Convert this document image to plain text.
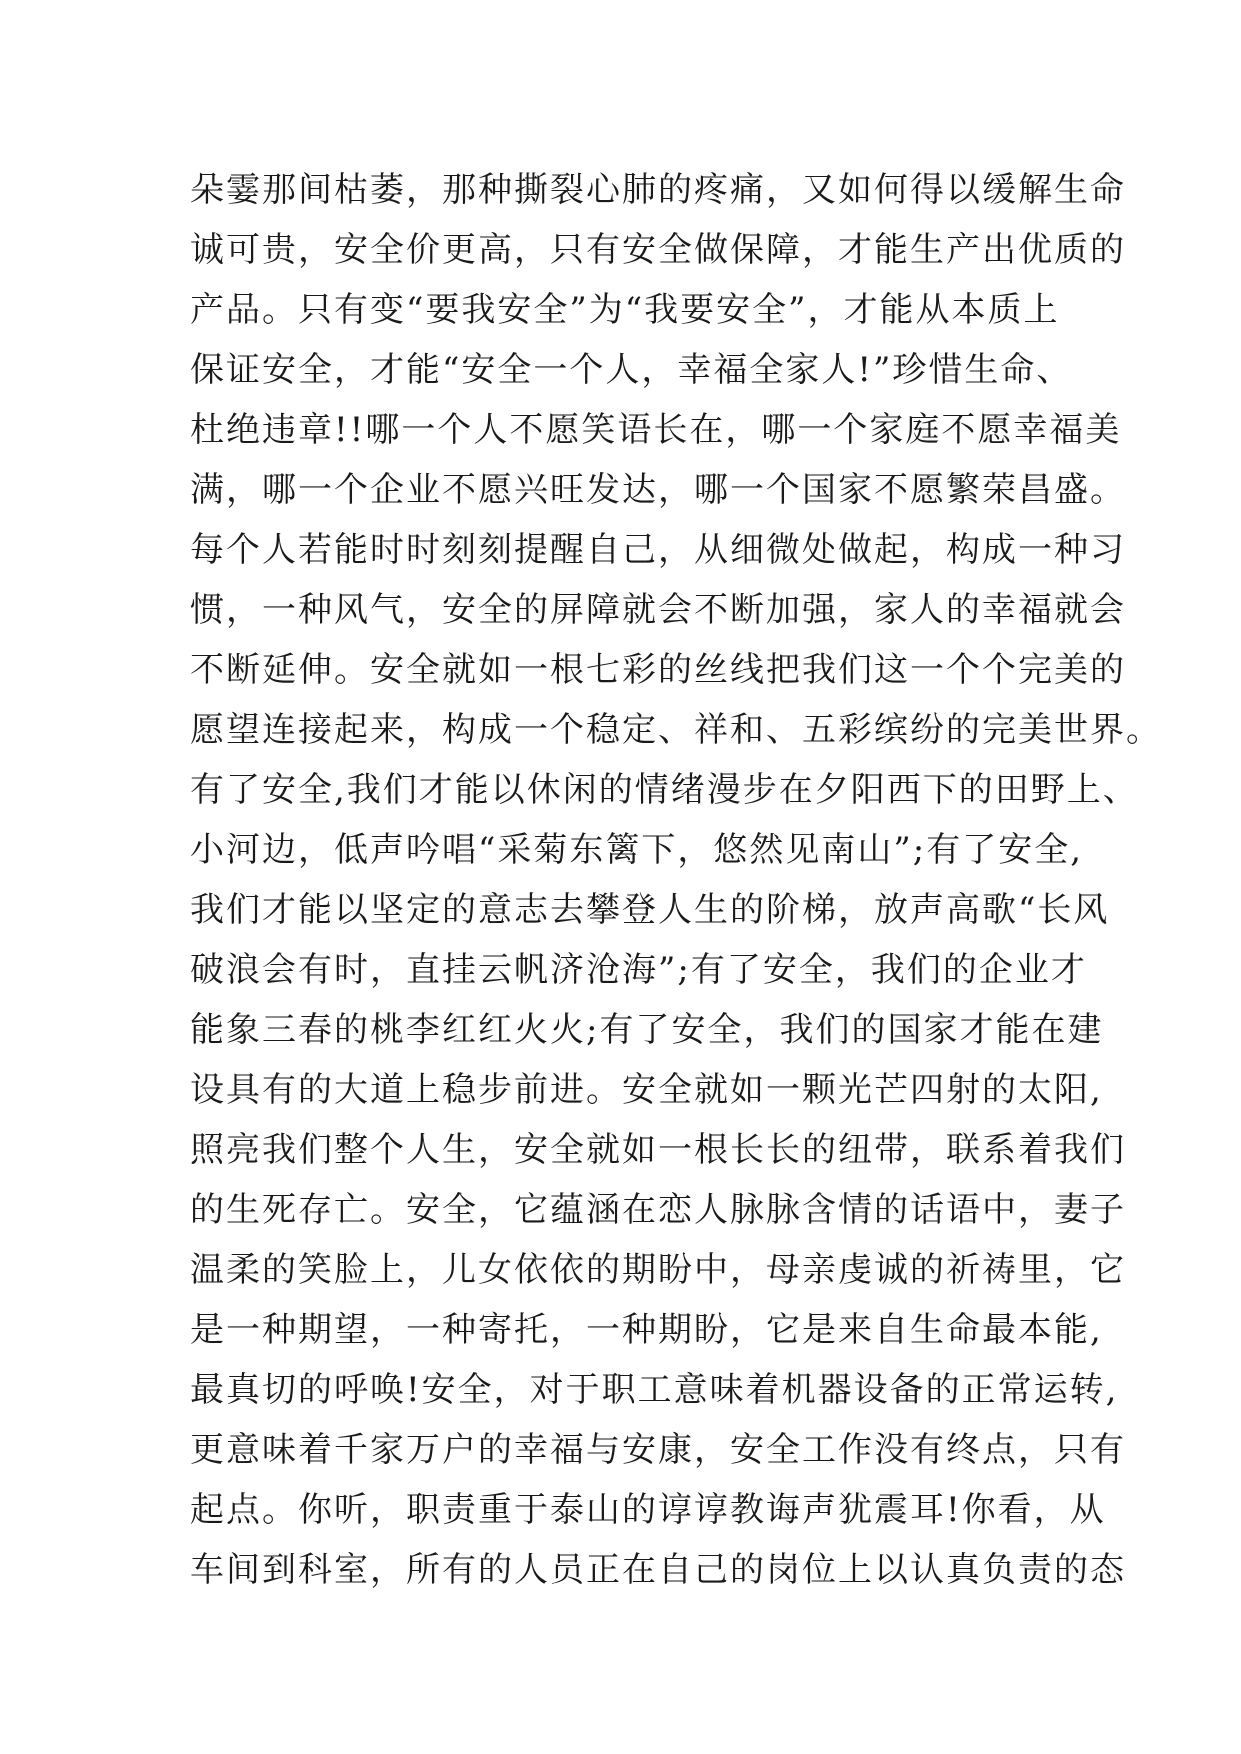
朵霎那间枯萎，那种撕裂心肺的疼痛，又如何得以缓解生命
诚可贵，安全价更高，只有安全做保障，才能生产出优质的
产品。只有变“要我安全”为“我要安全”，才能从本质上
保证安全，才能“安全一个人，幸福全家人!”珍惜生命、
杜绝违章!!哪一个人不愿笑语长在，哪一个家庭不愿幸福美
满，哪一个企业不愿兴旺发达，哪一个国家不愿繁荣昌盛。
每个人若能时时刻刻提醒自己，从细微处做起，构成一种习
惯，一种风气，安全的屏障就会不断加强，家人的幸福就会
不断延伸。安全就如一根七彩的丝线把我们这一个个完美的
愿望连接起来，构成一个稳定、祥和、五彩缤纷的完美世界。
有了安全,我们才能以休闲的情绪漫步在夕阳西下的田野上、
小河边，低声吟唱“采菊东篱下，悠然见南山”;有了安全,
我们才能以坚定的意志去攀登人生的阶梯，放声高歌“长风
破浪会有时，直挂云帆济沧海”;有了安全，我们的企业才
能象三春的桃李红红火火;有了安全，我们的国家才能在建
设具有的大道上稳步前进。安全就如一颗光芒四射的太阳,
照亮我们整个人生，安全就如一根长长的纽带，联系着我们
的生死存亡。安全，它蕴涵在恋人脉脉含情的话语中，妻子
温柔的笑脸上，儿女依依的期盼中，母亲虔诚的祈祷里，它
是一种期望，一种寄托，一种期盼，它是来自生命最本能,
最真切的呼唤!安全，对于职工意味着机器设备的正常运转,
更意味着千家万户的幸福与安康，安全工作没有终点，只有
起点。你听，职责重于泰山的谆谆教诲声犹震耳!你看，从
车间到科室，所有的人员正在自己的岗位上以认真负责的态
